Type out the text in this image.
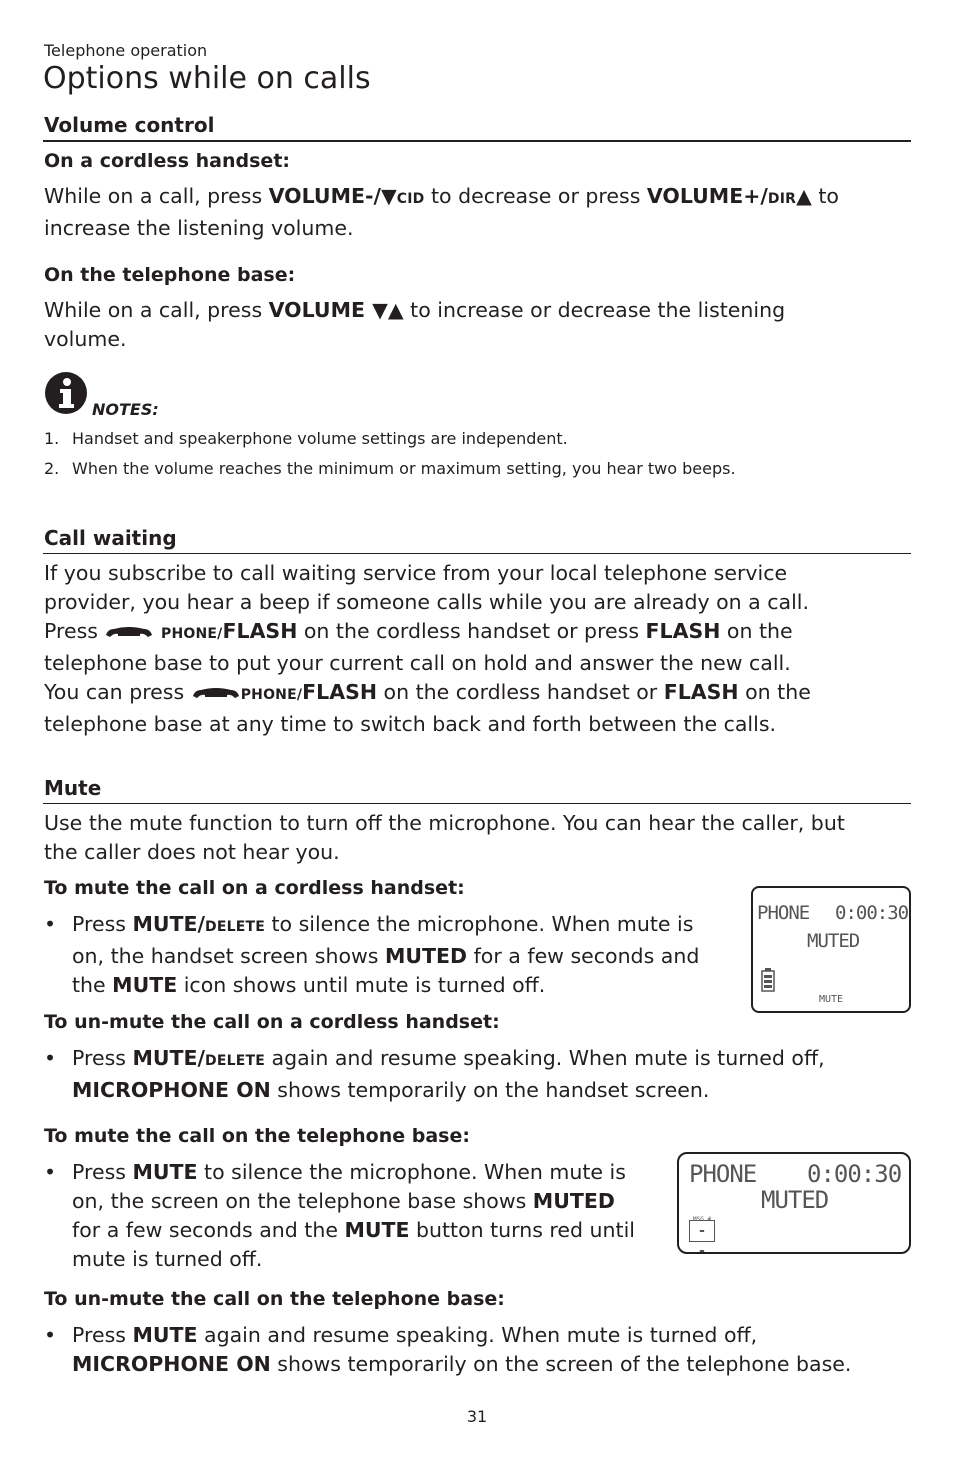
Telephone operation
Options while on calls
Volume control
On a cordless handset:
While on a call, press VOLUME-/▼CID to decrease or press VOLUME+/DIR▲ to
increase the listening volume.
On the telephone base:
While on a call, press VOLUME ▼▲ to increase or decrease the listening
volume.
NOTES:
1. Handset and speakerphone volume settings are independent.
2. When the volume reaches the minimum or maximum setting, you hear two beeps.
Call waiting
If you subscribe to call waiting service from your local telephone service
provider, you hear a beep if someone calls while you are already on a call.
Press	PHONE/FLASH on the cordless handset or press FLASH on the
telephone base to put your current call on hold and answer the new call.
You can press	PHONE/FLASH on the cordless handset or FLASH on the
telephone base at any time to switch back and forth between the calls.
Mute
Use the mute function to turn off the microphone. You can hear the caller, but
the caller does not hear you.
To mute the call on a cordless handset:
• Press MUTE/DELETE to silence the microphone. When mute is
on, the handset screen shows MUTED for a few seconds and
the MUTE icon shows until mute is turned off.
PHONE 0:00:30
MUTED
MUTE
To un-mute the call on a cordless handset:
• Press MUTE/DELETE again and resume speaking. When mute is turned off,
MICROPHONE ON shows temporarily on the handset screen.
To mute the call on the telephone base:
• Press MUTE to silence the microphone. When mute is
on, the screen on the telephone base shows MUTED
for a few seconds and the MUTE button turns red until
mute is turned off.
PHONE 0:00:30
MUTED
MSG #
- -
To un-mute the call on the telephone base:
• Press MUTE again and resume speaking. When mute is turned off,
MICROPHONE ON shows temporarily on the screen of the telephone base.
31
